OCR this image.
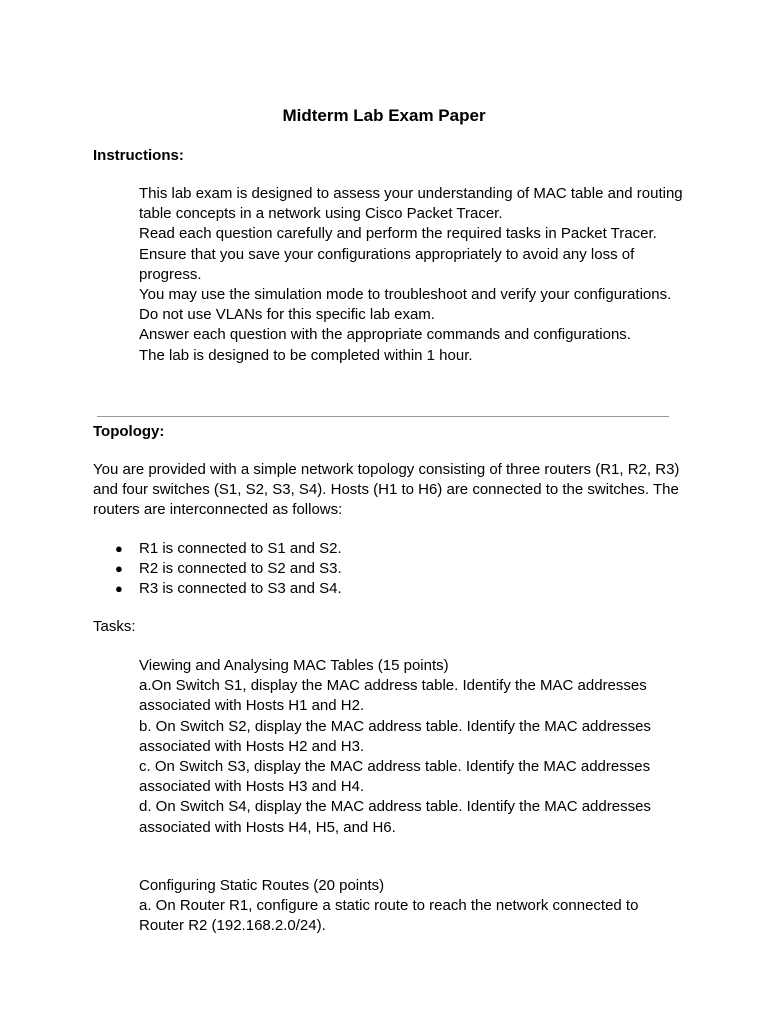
Midterm Lab Exam Paper
Instructions:
This lab exam is designed to assess your understanding of MAC table and routing table concepts in a network using Cisco Packet Tracer.
Read each question carefully and perform the required tasks in Packet Tracer.
Ensure that you save your configurations appropriately to avoid any loss of progress.
You may use the simulation mode to troubleshoot and verify your configurations.
Do not use VLANs for this specific lab exam.
Answer each question with the appropriate commands and configurations.
The lab is designed to be completed within 1 hour.
Topology:

You are provided with a simple network topology consisting of three routers (R1, R2, R3) and four switches (S1, S2, S3, S4). Hosts (H1 to H6) are connected to the switches. The routers are interconnected as follows:

● R1 is connected to S1 and S2.
● R2 is connected to S2 and S3.
● R3 is connected to S3 and S4.
Tasks:
Viewing and Analysing MAC Tables (15 points)
a.On Switch S1, display the MAC address table. Identify the MAC addresses associated with Hosts H1 and H2.
b. On Switch S2, display the MAC address table. Identify the MAC addresses associated with Hosts H2 and H3.
c. On Switch S3, display the MAC address table. Identify the MAC addresses associated with Hosts H3 and H4.
d. On Switch S4, display the MAC address table. Identify the MAC addresses associated with Hosts H4, H5, and H6.
Configuring Static Routes (20 points)
a. On Router R1, configure a static route to reach the network connected to Router R2 (192.168.2.0/24).
